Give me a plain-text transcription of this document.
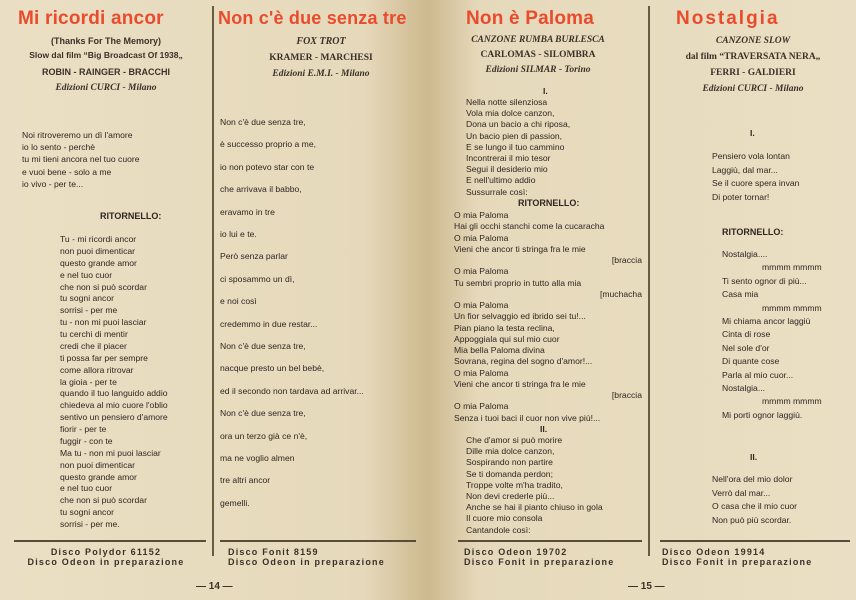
Mi ricordi ancor
(Thanks For The Memory)
Slow dal film “Big Broadcast Of 1938„
ROBIN - RAINGER - BRACCHI
Edizioni CURCI - Milano
Noi ritroveremo un dì l'amore
io lo sento - perchè
tu mi tieni ancora nel tuo cuore
e vuoi bene - solo a me
io vivo - per te...
RITORNELLO:
Tu - mi ricordi ancor
non puoi dimenticar
questo grande amor
e nel tuo cuor
che non si può scordar
tu sogni ancor
sorrisi - per me
tu - non mi puoi lasciar
tu cerchi di mentir
credi che il piacer
ti possa far per sempre
come allora ritrovar
la gioia - per te
quando il tuo languido addio
chiedeva al mio cuore l'oblio
sentivo un pensiero d'amore
fiorir - per te
fuggir - con te
Ma tu - non mi puoi lasciar
non puoi dimenticar
questo grande amor
e nel tuo cuor
che non si può scordar
tu sogni ancor
sorrisi - per me.
Disco Polydor 61152
Disco Odeon in preparazione
Non c'è due senza tre
FOX TROT
KRAMER - MARCHESI
Edizioni E.M.I. - Milano
Non c'è due senza tre,
è successo proprio a me,
io non potevo star con te
che arrivava il babbo,
eravamo in tre
io lui e te.
Però senza parlar
ci sposammo un dì,
e noi così
credemmo in due restar...
Non c'è due senza tre,
nacque presto un bel bebè,
ed il secondo non tardava ad arrivar...
Non c'è due senza tre,
ora un terzo già ce n'è,
ma ne voglio almen
tre altri ancor
gemelli.
Disco Fonit 8159
Disco Odeon in preparazione
— 14 —
Non è Paloma
CANZONE RUMBA BURLESCA
CARLOMAS - SILOMBRA
Edizioni SILMAR - Torino
I.
Nella notte silenziosa
Vola mia dolce canzon,
Dona un bacio a chi riposa,
Un bacio pien di passion,
E se lungo il tuo cammino
Incontrerai il mio tesor
Segui il desiderio mio
E nell'ultimo addio
Sussurrale così:
RITORNELLO:
O mia Paloma
Hai gli occhi stanchi come la cucaracha
O mia Paloma
Vieni che ancor ti stringa fra le mie
[braccia
O mia Paloma
Tu sembri proprio in tutto alla mia
[muchacha
O mia Paloma
Un fior selvaggio ed ibrido sei tu!...
Pian piano la testa reclina,
Appoggiala qui sul mio cuor
Mia bella Paloma divina
Sovrana, regina del sogno d'amor!...
O mia Paloma
Vieni che ancor ti stringa fra le mie
[braccia
O mia Paloma
Senza i tuoi baci il cuor non vive più!...
II.
Che d'amor si può morire
Dille mia dolce canzon,
Sospirando non partire
Se ti domanda perdon;
Troppe volte m'ha tradito,
Non devi crederle più...
Anche se hai il pianto chiuso in gola
Il cuore mio consola
Cantandole così:
Disco Odeon 19702
Disco Fonit in preparazione
Nostalgia
CANZONE SLOW
dal film “TRAVERSATA NERA„
FERRI - GALDIERI
Edizioni CURCI - Milano
I.
Pensiero vola lontan
Laggiù, dal mar...
Se il cuore spera invan
Di poter tornar!
RITORNELLO:
Nostalgia....
mmmm mmmm
Ti sento ognor di più...
Casa mia
mmmm mmmm
Mi chiama ancor laggiù
Cinta di rose
Nel sole d'or
Di quante cose
Parla al mio cuor...
Nostalgia...
mmmm mmmm
Mi porti ognor laggiù.
II.
Nell'ora del mio dolor
Verrò dal mar...
O casa che il mio cuor
Non può più scordar.
Disco Odeon 19914
Disco Fonit in preparazione
— 15 —
